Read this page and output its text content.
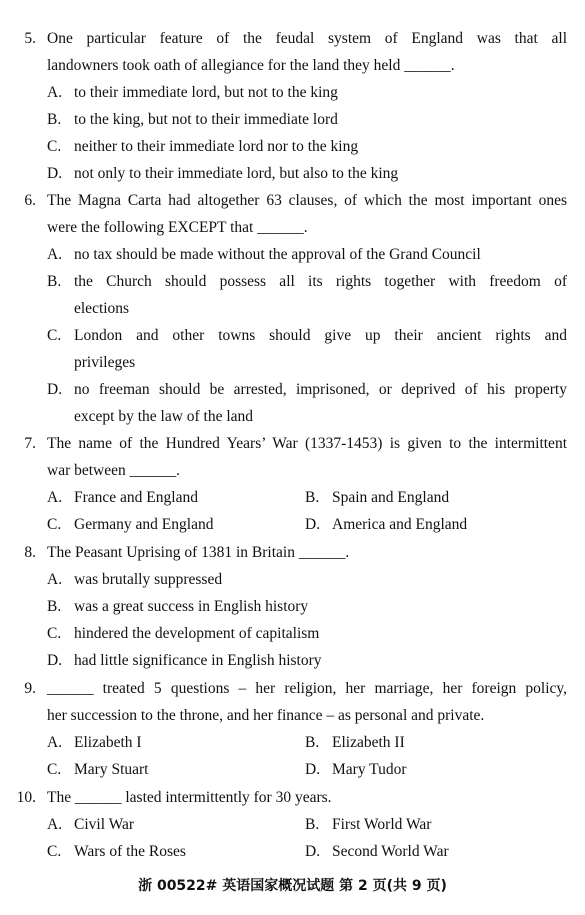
5. One particular feature of the feudal system of England was that all
landowners took oath of allegiance for the land they held ______.
A. to their immediate lord, but not to the king
B. to the king, but not to their immediate lord
C. neither to their immediate lord nor to the king
D. not only to their immediate lord, but also to the king
6. The Magna Carta had altogether 63 clauses, of which the most important ones
were the following EXCEPT that ______.
A. no tax should be made without the approval of the Grand Council
B. the Church should possess all its rights together with freedom of
elections
C. London and other towns should give up their ancient rights and
privileges
D. no freeman should be arrested, imprisoned, or deprived of his property
except by the law of the land
7. The name of the Hundred Years’ War (1337-1453) is given to the intermittent
war between ______.
A. France and England	B. Spain and England
C. Germany and England	D. America and England
8. The Peasant Uprising of 1381 in Britain ______.
A. was brutally suppressed
B. was a great success in English history
C. hindered the development of capitalism
D. had little significance in English history
9. ______ treated 5 questions – her religion, her marriage, her foreign policy,
her succession to the throne, and her finance – as personal and private.
A. Elizabeth I	B. Elizabeth II
C. Mary Stuart	D. Mary Tudor
10. The ______ lasted intermittently for 30 years.
A. Civil War	B. First World War
C. Wars of the Roses	D. Second World War
浙 00522# 英语国家概况试题 第 2 页(共 9 页)
